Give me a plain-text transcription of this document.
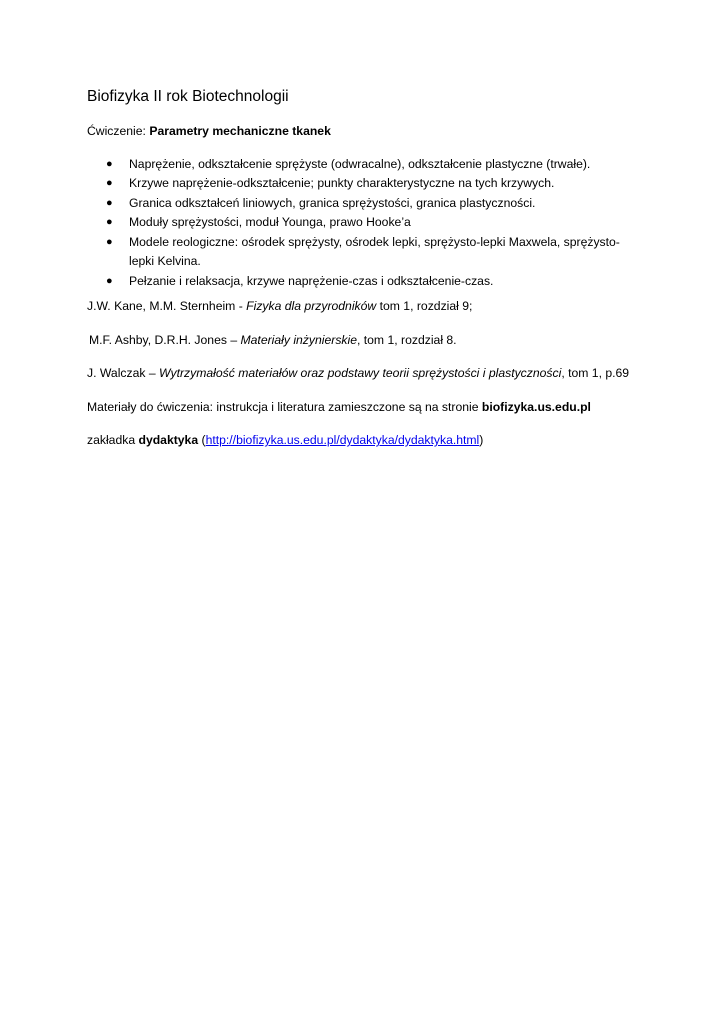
Biofizyka II rok Biotechnologii
Ćwiczenie: Parametry mechaniczne tkanek
● Naprężenie, odkształcenie sprężyste (odwracalne), odkształcenie plastyczne (trwałe).
● Krzywe naprężenie-odkształcenie; punkty charakterystyczne na tych krzywych.
● Granica odkształceń liniowych, granica sprężystości, granica plastyczności.
● Moduły sprężystości, moduł Younga, prawo Hooke’a
● Modele reologiczne: ośrodek sprężysty, ośrodek lepki, sprężysto-lepki Maxwela, sprężysto-lepki Kelvina.
● Pełzanie i relaksacja, krzywe naprężenie-czas i odkształcenie-czas.

J.W. Kane, M.M. Sternheim - Fizyka dla przyrodników tom 1, rozdział 9;

M.F. Ashby, D.R.H. Jones – Materiały inżynierskie, tom 1, rozdział 8.

J. Walczak – Wytrzymałość materiałów oraz podstawy teorii sprężystości i plastyczności, tom 1, p.69

Materiały do ćwiczenia: instrukcja i literatura zamieszczone są na stronie biofizyka.us.edu.pl

zakładka dydaktyka (http://biofizyka.us.edu.pl/dydaktyka/dydaktyka.html)
